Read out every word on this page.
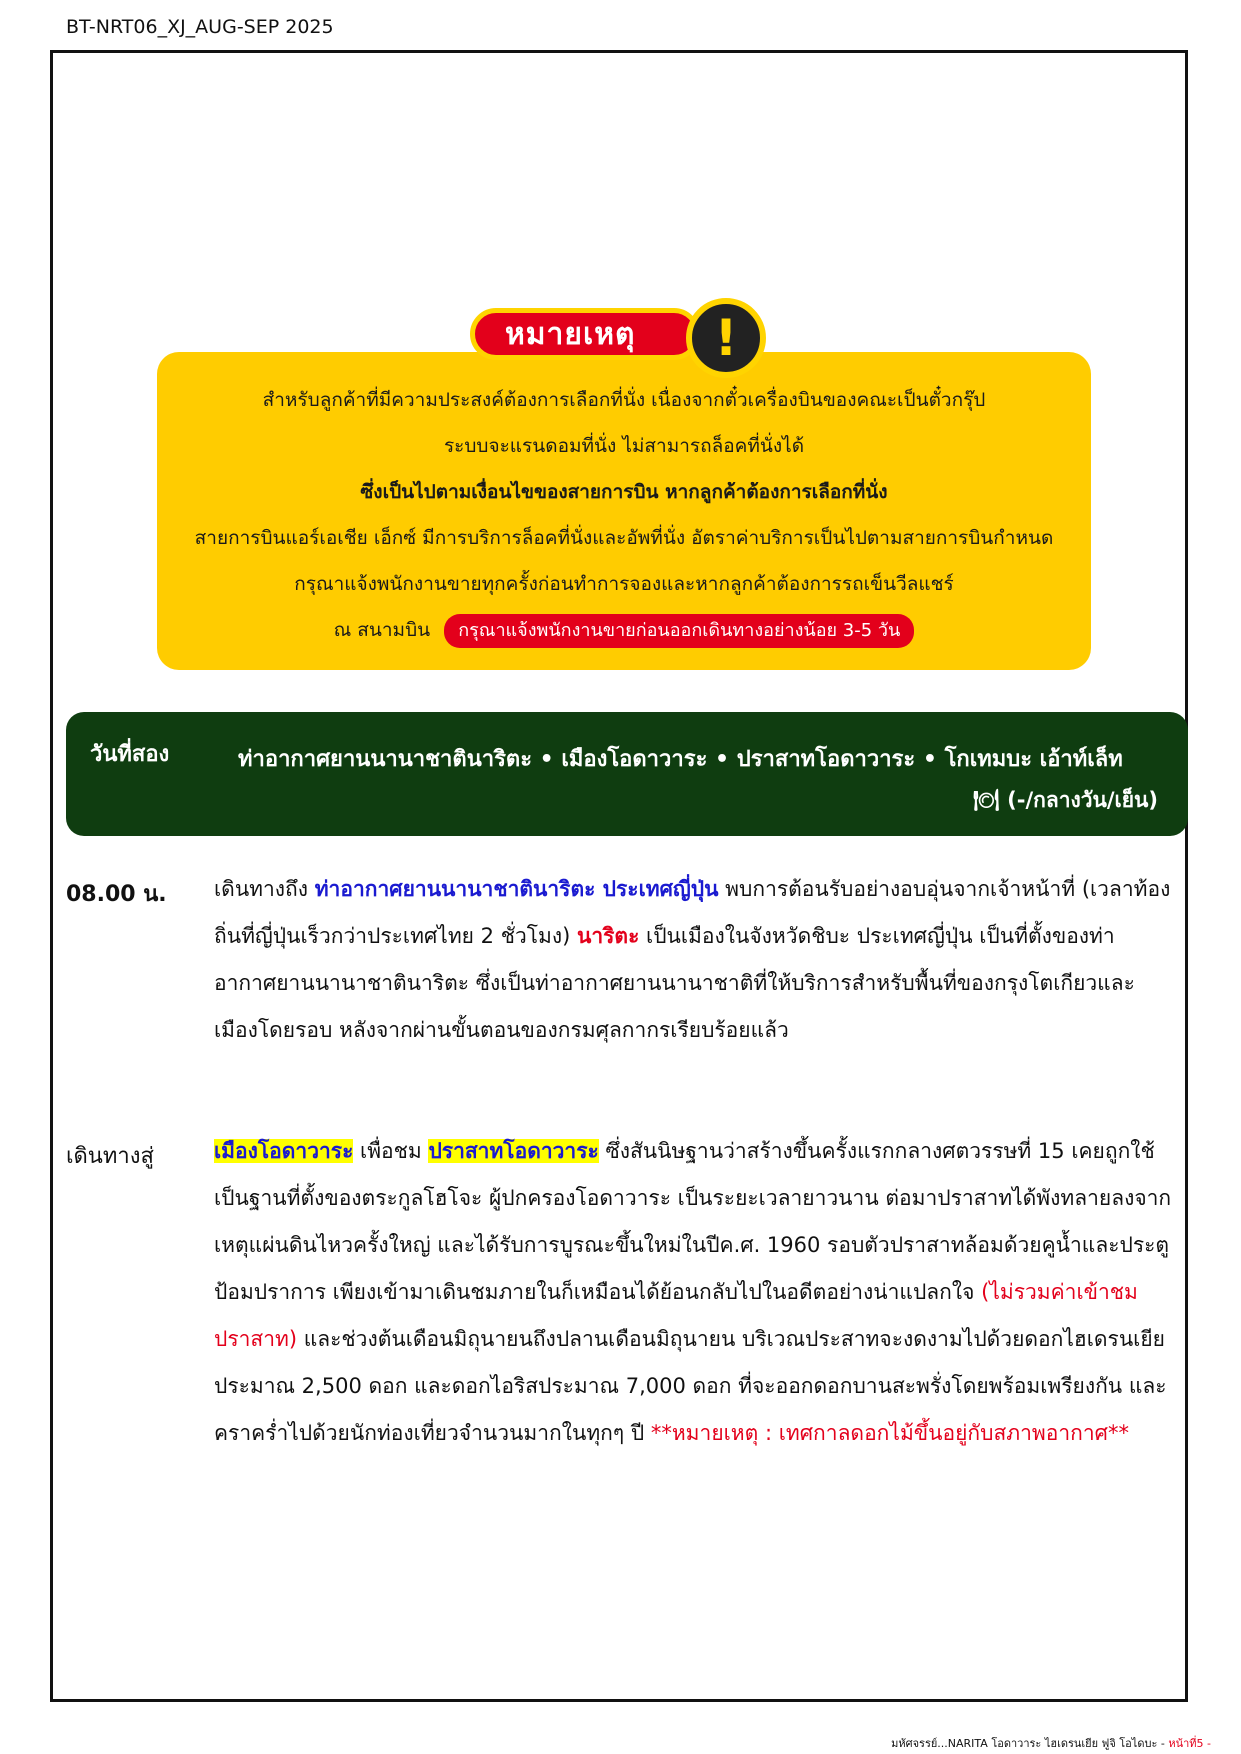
BT-NRT06_XJ_AUG-SEP 2025
สำหรับลูกค้าที่มีความประสงค์ต้องการเลือกที่นั่ง เนื่องจากตั๋วเครื่องบินของคณะเป็นตั๋วกรุ๊ป
ระบบจะแรนดอมที่นั่ง ไม่สามารถล็อคที่นั่งได้
ซึ่งเป็นไปตามเงื่อนไขของสายการบิน หากลูกค้าต้องการเลือกที่นั่ง
สายการบินแอร์เอเชีย เอ็กซ์ มีการบริการล็อคที่นั่งและอัพที่นั่ง อัตราค่าบริการเป็นไปตามสายการบินกำหนด
กรุณาแจ้งพนักงานขายทุกครั้งก่อนทำการจองและหากลูกค้าต้องการรถเข็นวีลแชร์
ณ สนามบิน กรุณาแจ้งพนักงานขายก่อนออกเดินทางอย่างน้อย 3-5 วัน
หมายเหตุ	!
วันที่สอง	ท่าอากาศยานนานาชาตินาริตะ • เมืองโอดาวาระ • ปราสาทโอดาวาระ • โกเทมบะ เอ้าท์เล็ท
🍽 (-/กลางวัน/เย็น)
08.00 น. เดินทางถึง ท่าอากาศยานนานาชาตินาริตะ ประเทศญี่ปุ่น พบการต้อนรับอย่างอบอุ่นจากเจ้าหน้าที่ (เวลาท้องถิ่นที่ญี่ปุ่นเร็วกว่าประเทศไทย 2 ชั่วโมง) นาริตะ เป็นเมืองในจังหวัดชิบะ ประเทศญี่ปุ่น เป็นที่ตั้งของท่าอากาศยานนานาชาตินาริตะ ซึ่งเป็นท่าอากาศยานนานาชาติที่ให้บริการสำหรับพื้นที่ของกรุงโตเกียวและเมืองโดยรอบ หลังจากผ่านขั้นตอนของกรมศุลกากรเรียบร้อยแล้ว
เดินทางสู่	เมืองโอดาวาระ เพื่อชม ปราสาทโอดาวาระ ซึ่งสันนิษฐานว่าสร้างขึ้นครั้งแรกกลางศตวรรษที่ 15 เคยถูกใช้เป็นฐานที่ตั้งของตระกูลโฮโจะ ผู้ปกครองโอดาวาระ เป็นระยะเวลายาวนาน ต่อมาปราสาทได้พังทลายลงจากเหตุแผ่นดินไหวครั้งใหญ่ และได้รับการบูรณะขึ้นใหม่ในปีค.ศ. 1960 รอบตัวปราสาทล้อมด้วยคูน้ำและประตูป้อมปราการ เพียงเข้ามาเดินชมภายในก็เหมือนได้ย้อนกลับไปในอดีตอย่างน่าแปลกใจ (ไม่รวมค่าเข้าชมปราสาท) และช่วงต้นเดือนมิถุนายนถึงปลานเดือนมิถุนายน บริเวณประสาทจะงดงามไปด้วยดอกไฮเดรนเยียประมาณ 2,500 ดอก และดอกไอริสประมาณ 7,000 ดอก ที่จะออกดอกบานสะพรั่งโดยพร้อมเพรียงกัน และคราคร่ำไปด้วยนักท่องเที่ยวจำนวนมากในทุกๆ ปี **หมายเหตุ : เทศกาลดอกไม้ขึ้นอยู่กับสภาพอากาศ**
มหัศจรรย์...NARITA โอดาวาระ ไฮเดรนเยีย ฟูจิ โอไดบะ - หน้าที่5 -
